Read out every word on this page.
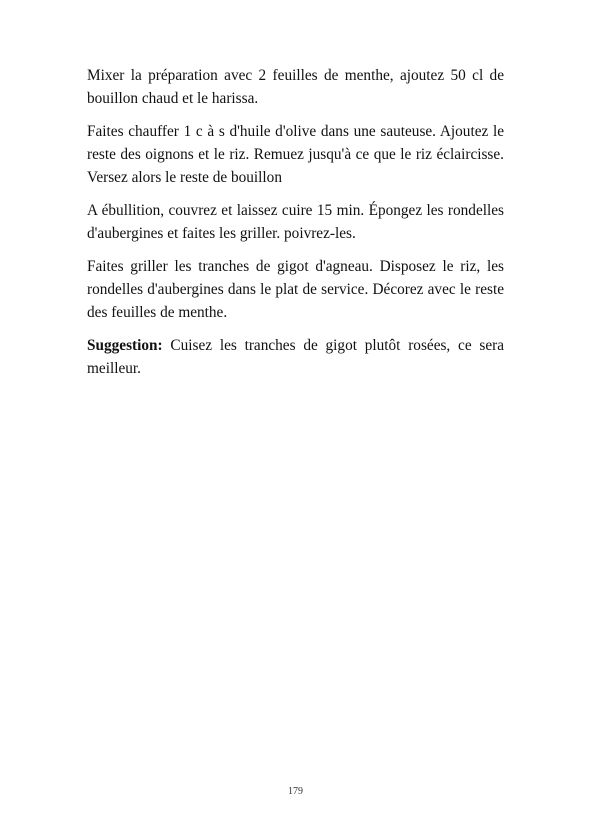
Mixer la préparation avec 2 feuilles de menthe, ajoutez 50 cl de bouillon chaud et le harissa.

Faites chauffer 1 c à s d'huile d'olive dans une sauteuse. Ajoutez le reste des oignons et le riz. Remuez jusqu'à ce que le riz éclaircisse. Versez alors le reste de bouillon

A ébullition, couvrez et laissez cuire 15 min. Épongez les rondelles d'aubergines et faites les griller. poivrez-les.

Faites griller les tranches de gigot d'agneau. Disposez le riz, les rondelles d'aubergines dans le plat de service. Décorez avec le reste des feuilles de menthe.

Suggestion: Cuisez les tranches de gigot plutôt rosées, ce sera meilleur.

179
